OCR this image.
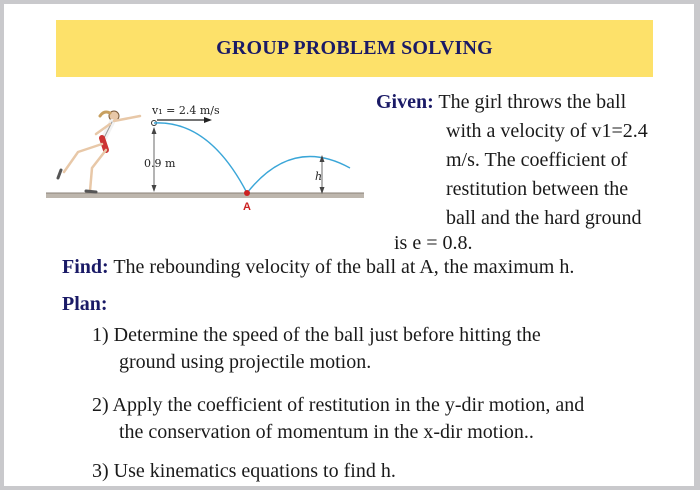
GROUP PROBLEM SOLVING
v₁ = 2.4 m/s
0.9 m
h
A
Given: The girl throws the ball
with a velocity of v1=2.4
m/s. The coefficient of
restitution between the
ball and the hard ground
is e = 0.8.
Find: The rebounding velocity of the ball at A, the maximum h.
Plan:
1) Determine the speed of the ball just before hitting the
ground using projectile motion.
2) Apply the coefficient of restitution in the y-dir motion, and
the conservation of momentum in the x-dir motion..
3) Use kinematics equations to find h.
